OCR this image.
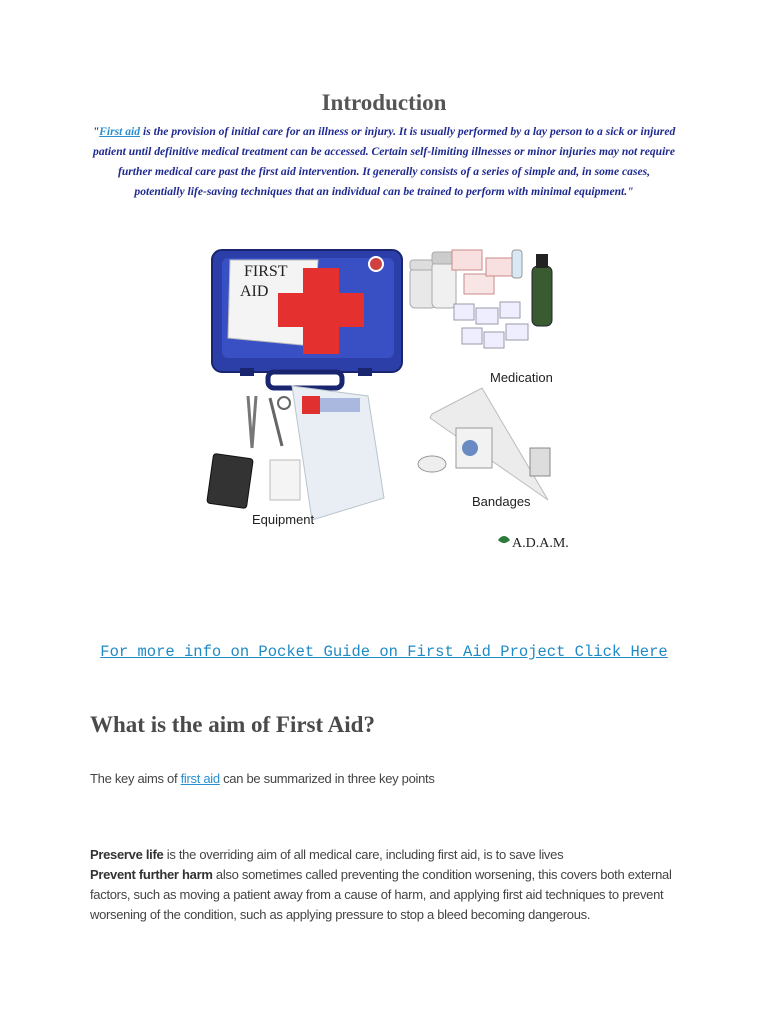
Introduction

"First aid is the provision of initial care for an illness or injury. It is usually performed by a lay person to a sick or injured patient until definitive medical treatment can be accessed. Certain self-limiting illnesses or minor injuries may not require further medical care past the first aid intervention. It generally consists of a series of simple and, in some cases, potentially life-saving techniques that an individual can be trained to perform with minimal equipment."

FIRST
AID
Medication
Equipment
Bandages
A.D.A.M.
For more info on Pocket Guide on First Aid Project Click Here
What is the aim of First Aid?

The key aims of first aid can be summarized in three key points

Preserve life is the overriding aim of all medical care, including first aid, is to save lives
Prevent further harm also sometimes called preventing the condition worsening, this covers both external factors, such as moving a patient away from a cause of harm, and applying first aid techniques to prevent worsening of the condition, such as applying pressure to stop a bleed becoming dangerous.
